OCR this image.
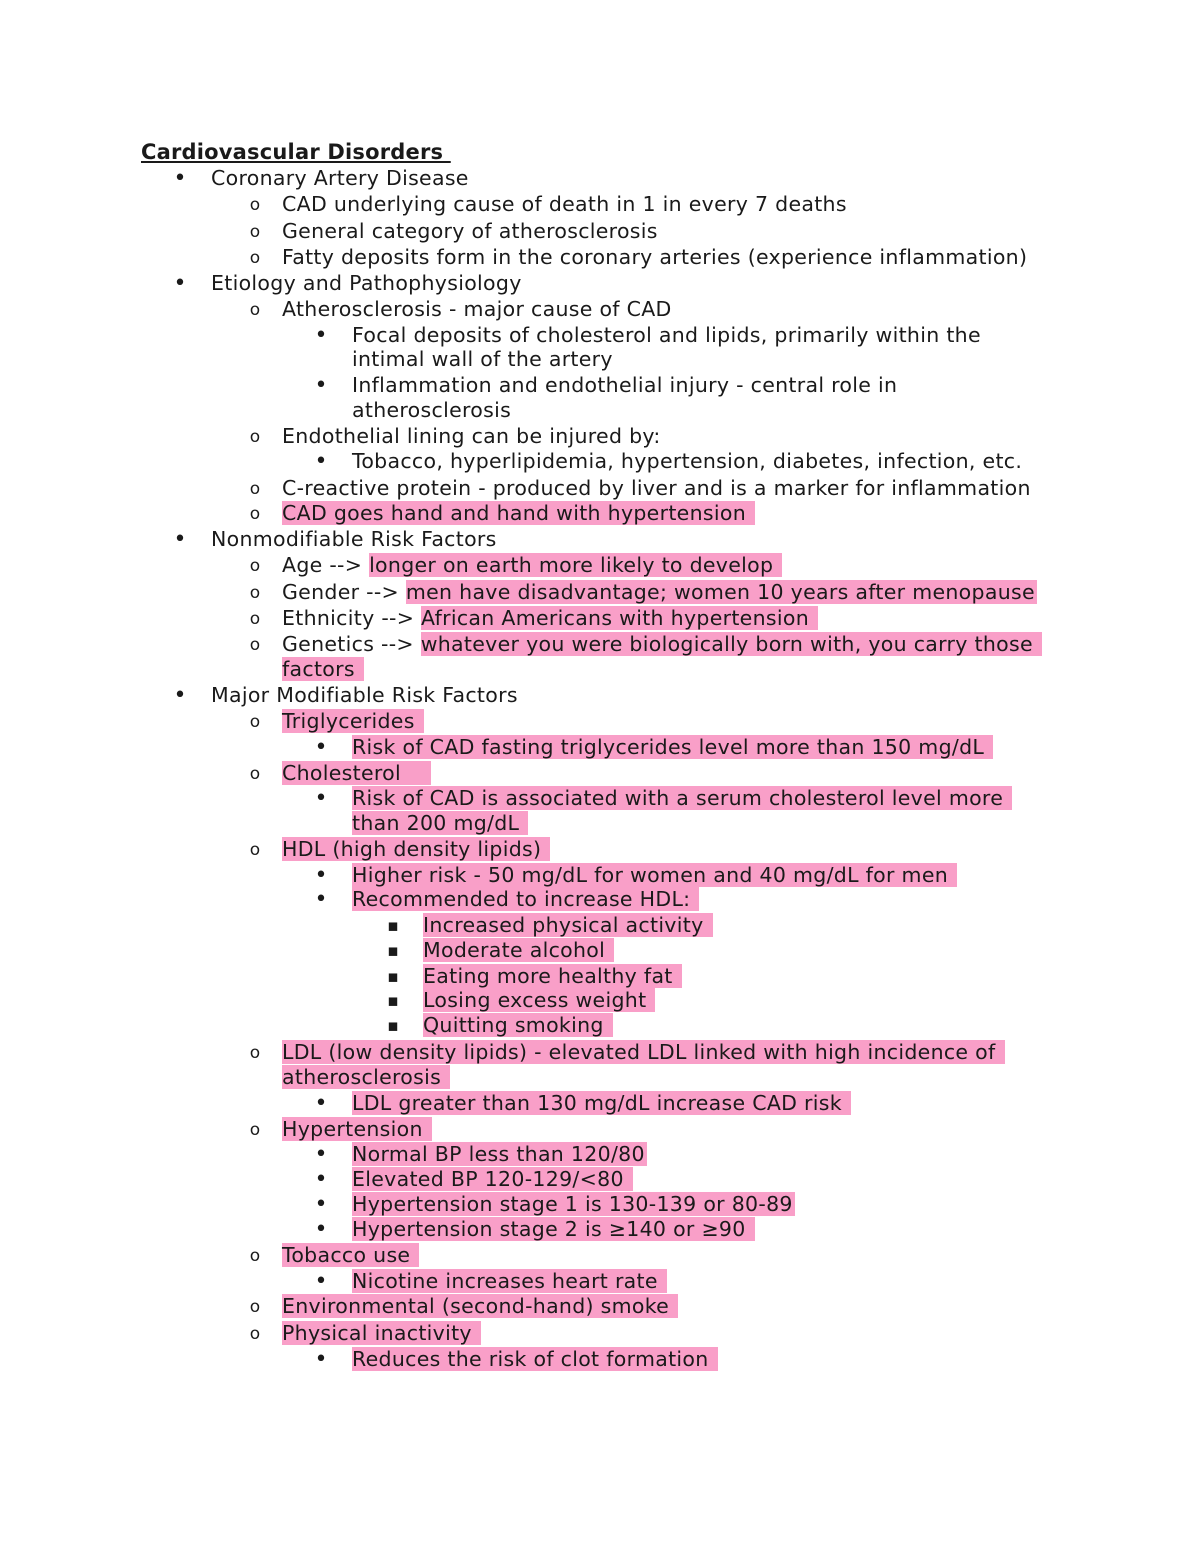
Cardiovascular Disorders
•
Coronary Artery Disease
o
CAD underlying cause of death in 1 in every 7 deaths
o
General category of atherosclerosis
o
Fatty deposits form in the coronary arteries (experience inflammation)
•
Etiology and Pathophysiology
o
Atherosclerosis - major cause of CAD
•
Focal deposits of cholesterol and lipids, primarily within the
intimal wall of the artery
•
Inflammation and endothelial injury - central role in
atherosclerosis
o
Endothelial lining can be injured by:
•
Tobacco, hyperlipidemia, hypertension, diabetes, infection, etc.
o
C-reactive protein - produced by liver and is a marker for inflammation
o
CAD goes hand and hand with hypertension
•
Nonmodifiable Risk Factors
o
Age --> longer on earth more likely to develop
o
Gender --> men have disadvantage; women 10 years after menopause
o
Ethnicity --> African Americans with hypertension
o
Genetics --> whatever you were biologically born with, you carry those
factors
•
Major Modifiable Risk Factors
o
Triglycerides
•
Risk of CAD fasting triglycerides level more than 150 mg/dL
o
Cholesterol
•
Risk of CAD is associated with a serum cholesterol level more
than 200 mg/dL
o
HDL (high density lipids)
•
Higher risk - 50 mg/dL for women and 40 mg/dL for men
•
Recommended to increase HDL:
▪
Increased physical activity
▪
Moderate alcohol
▪
Eating more healthy fat
▪
Losing excess weight
▪
Quitting smoking
o
LDL (low density lipids) - elevated LDL linked with high incidence of
atherosclerosis
•
LDL greater than 130 mg/dL increase CAD risk
o
Hypertension
•
Normal BP less than 120/80
•
Elevated BP 120-129/<80
•
Hypertension stage 1 is 130-139 or 80-89
•
Hypertension stage 2 is ≥140 or ≥90
o
Tobacco use
•
Nicotine increases heart rate
o
Environmental (second-hand) smoke
o
Physical inactivity
•
Reduces the risk of clot formation
